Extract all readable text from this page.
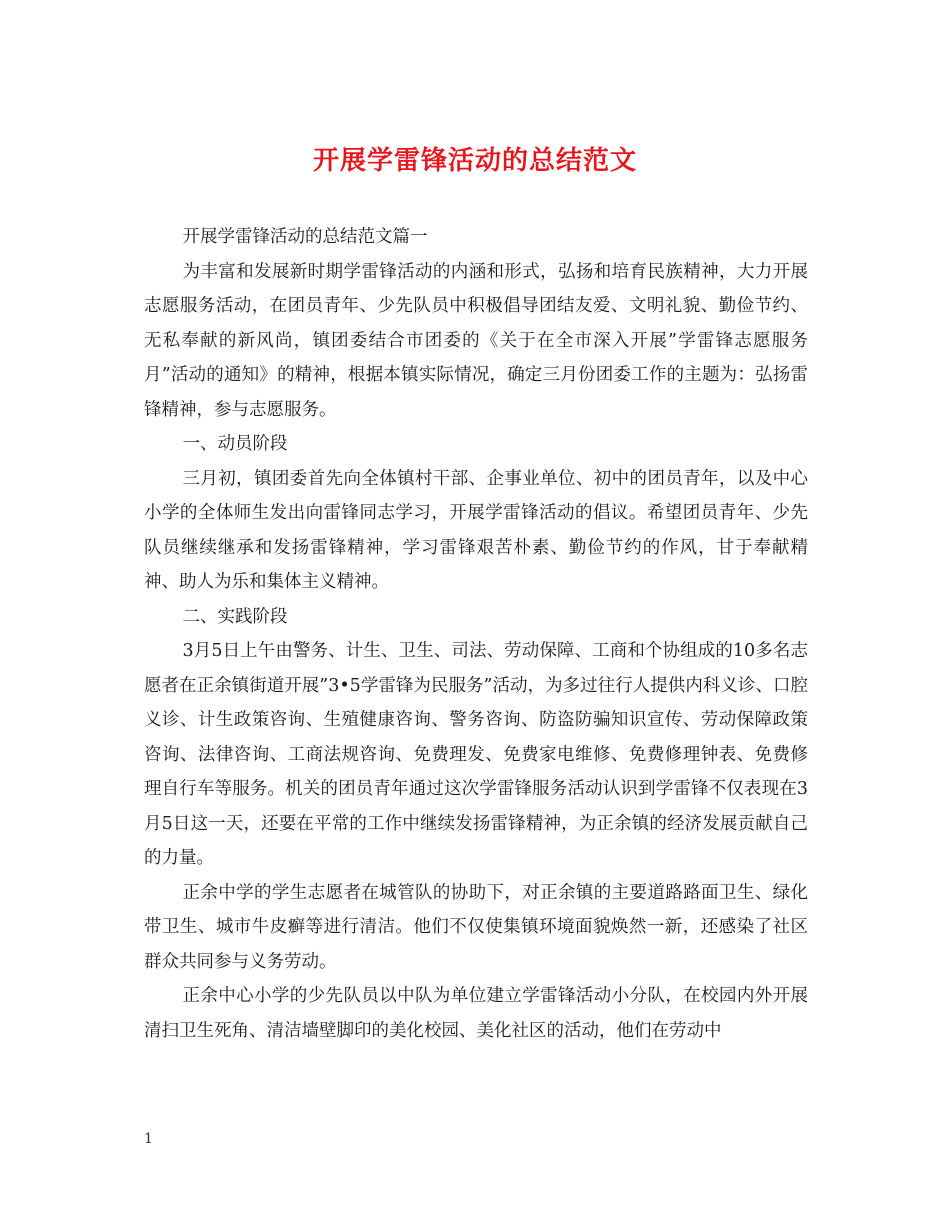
开展学雷锋活动的总结范文

开展学雷锋活动的总结范文篇一

为丰富和发展新时期学雷锋活动的内涵和形式，弘扬和培育民族精神，大力开展志愿服务活动，在团员青年、少先队员中积极倡导团结友爱、文明礼貌、勤俭节约、无私奉献的新风尚，镇团委结合市团委的《关于在全市深入开展”学雷锋志愿服务月”活动的通知》的精神，根据本镇实际情况，确定三月份团委工作的主题为：弘扬雷锋精神，参与志愿服务。

一、动员阶段

三月初，镇团委首先向全体镇村干部、企事业单位、初中的团员青年，以及中心小学的全体师生发出向雷锋同志学习，开展学雷锋活动的倡议。希望团员青年、少先队员继续继承和发扬雷锋精神，学习雷锋艰苦朴素、勤俭节约的作风，甘于奉献精神、助人为乐和集体主义精神。

二、实践阶段

3月5日上午由警务、计生、卫生、司法、劳动保障、工商和个协组成的10多名志愿者在正余镇街道开展”3•5学雷锋为民服务”活动，为多过往行人提供内科义诊、口腔义诊、计生政策咨询、生殖健康咨询、警务咨询、防盗防骗知识宣传、劳动保障政策咨询、法律咨询、工商法规咨询、免费理发、免费家电维修、免费修理钟表、免费修理自行车等服务。机关的团员青年通过这次学雷锋服务活动认识到学雷锋不仅表现在3月5日这一天，还要在平常的工作中继续发扬雷锋精神，为正余镇的经济发展贡献自己的力量。

正余中学的学生志愿者在城管队的协助下，对正余镇的主要道路路面卫生、绿化带卫生、城市牛皮癣等进行清洁。他们不仅使集镇环境面貌焕然一新，还感染了社区群众共同参与义务劳动。

正余中心小学的少先队员以中队为单位建立学雷锋活动小分队，在校园内外开展清扫卫生死角、清洁墙壁脚印的美化校园、美化社区的活动，他们在劳动中

1
